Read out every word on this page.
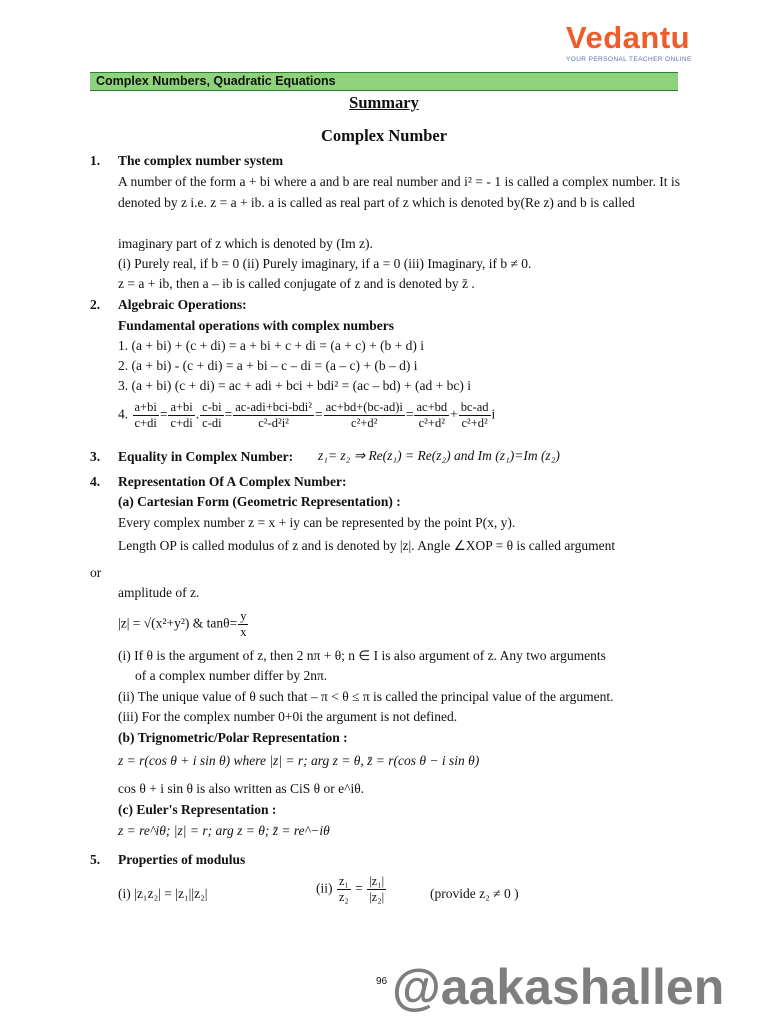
Vedantu
YOUR PERSONAL TEACHER ONLINE
Complex Numbers, Quadratic Equations
Summary
Complex Number
1. The complex number system
A number of the form a + bi where a and b are real number and i² = - 1 is called a complex number. It is denoted by z i.e. z = a + ib. a is called as real part of z which is denoted by(Re z) and b is called
imaginary part of z which is denoted by (Im z).
(i) Purely real, if b = 0 (ii) Purely imaginary, if a = 0 (iii) Imaginary, if b ≠ 0.
z = a + ib, then a – ib is called conjugate of z and is denoted by z̄ .
2. Algebraic Operations:
Fundamental operations with complex numbers
1. (a + bi) + (c + di) = a + bi + c + di = (a + c) + (b + d) i
2. (a + bi) - (c + di) = a + bi – c – di = (a – c) + (b – d) i
3. (a + bi) (c + di) = ac + adi + bci + bdi² = (ac – bd) + (ad + bc) i
4. $\frac{a+bi}{c+di} = \frac{a+bi}{c+di}$ . $\frac{c-bi}{c-di} = \frac{\text{ac-adi+bci-bdi²}}{\text{c²-d²i²}} = \frac{ac+bd+(bc-ad)i}{\text{c²+d²}} = \frac{ac+bd}{\text{c²+d²}} + \frac{bc-ad}{\text{c²+d²}}$ i
3. Equality in Complex Number: z₁= z₂ ⇒ Re(z₁) = Re(z₂) and Im (z₁)=Im (z₂)
4. Representation Of A Complex Number:
(a) Cartesian Form (Geometric Representation) :
Every complex number z = x + iy can be represented by the point P(x, y).
Length OP is called modulus of z and is denoted by |z|. Angle ∠XOP = θ is called argument
or
amplitude of z.
|z| = √(x²+y²) & $\tan\theta= \frac{y}{x}$
(i) If θ is the argument of z, then 2 nπ + θ; n ∈ I is also argument of z. Any two arguments
of a complex number differ by 2nπ.
(ii) The unique value of θ such that – π < θ ≤ π is called the principal value of the argument.
(iii) For the complex number 0+0i the argument is not defined.
(b) Trignometric/Polar Representation :
z = r(cos θ + i sin θ) where |z| = r; arg z = θ, z̄ = r(cos θ − i sin θ)
cos θ + i sin θ is also written as CiS θ or e^iθ.
(c) Euler's Representation :
z = re^iθ; |z| = r; arg z = θ; z̄ = re^−iθ
5. Properties of modulus
(i) |z₁z₂| = |z₁||z₂|	$(ii) \frac{\text{z₁}}{\text{z₂}} = \frac{\text{|z₁|}}{\text{|z₂|}}$	(provide z₂ ≠ 0 )
96 @aakashallen
